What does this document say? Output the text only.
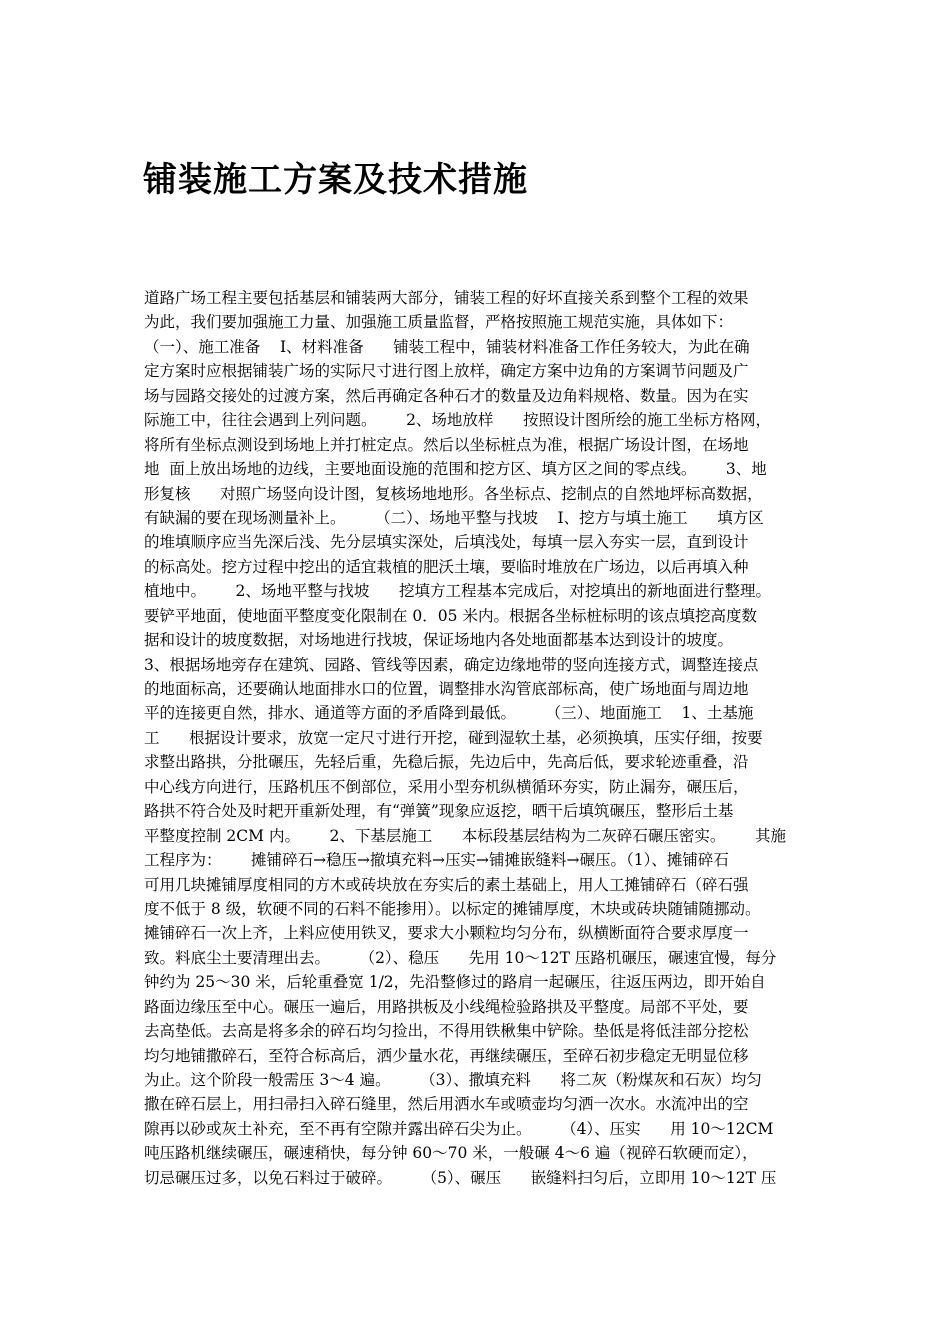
铺装施工方案及技术措施
道路广场工程主要包括基层和铺装两大部分，铺装工程的好坏直接关系到整个工程的效果
为此，我们要加强施工力量、加强施工质量监督，严格按照施工规范实施，具体如下：
（一）、施工准备    I、材料准备      铺装工程中，铺装材料准备工作任务较大，为此在确
定方案时应根据铺装广场的实际尺寸进行图上放样，确定方案中边角的方案调节问题及广
场与园路交接处的过渡方案，然后再确定各种石才的数量及边角料规格、数量。因为在实
际施工中，往往会遇到上列问题。      2、场地放样      按照设计图所绘的施工坐标方格网，
将所有坐标点测设到场地上并打桩定点。然后以坐标桩点为准，根据广场设计图，在场地
地  面上放出场地的边线，主要地面设施的范围和挖方区、填方区之间的零点线。      3、地
形复核      对照广场竖向设计图，复核场地地形。各坐标点、挖制点的自然地坪标高数据，
有缺漏的要在现场测量补上。      （二）、场地平整与找坡    I、挖方与填土施工      填方区
的堆填顺序应当先深后浅、先分层填实深处，后填浅处，每填一层入夯实一层，直到设计
的标高处。挖方过程中挖出的适宜栽植的肥沃土壤，要临时堆放在广场边，以后再填入种
植地中。      2、场地平整与找坡      挖填方工程基本完成后，对挖填出的新地面进行整理。
要铲平地面，使地面平整度变化限制在 0．05 米内。根据各坐标桩标明的该点填挖高度数
据和设计的坡度数据，对场地进行找坡，保证场地内各处地面都基本达到设计的坡度。
3、根据场地旁存在建筑、园路、管线等因素，确定边缘地带的竖向连接方式，调整连接点
的地面标高，还要确认地面排水口的位置，调整排水沟管底部标高，使广场地面与周边地
平的连接更自然，排水、通道等方面的矛盾降到最低。      （三）、地面施工    1、土基施
工      根据设计要求，放宽一定尺寸进行开挖，碰到湿软土基，必须换填，压实仔细，按要
求整出路拱，分批碾压，先轻后重，先稳后振，先边后中，先高后低，要求轮迹重叠，沿
中心线方向进行，压路机压不倒部位，采用小型夯机纵横循环夯实，防止漏夯，碾压后，
路拱不符合处及时耙开重新处理，有“弹簧”现象应返挖，晒干后填筑碾压，整形后土基
平整度控制 2CM 内。      2、下基层施工      本标段基层结构为二灰碎石碾压密实。      其施
工程序为：      摊铺碎石→稳压→撤填充料→压实→铺摊嵌缝料→碾压。（1）、摊铺碎石
可用几块摊铺厚度相同的方木或砖块放在夯实后的素土基础上，用人工摊铺碎石（碎石强
度不低于 8 级，软硬不同的石料不能掺用）。以标定的摊铺厚度，木块或砖块随铺随挪动。
摊铺碎石一次上齐，上料应使用铁叉，要求大小颗粒均匀分布，纵横断面符合要求厚度一
致。料底尘土要清理出去。      （2）、稳压      先用 10～12T 压路机碾压，碾速宜慢，每分
钟约为 25～30 米，后轮重叠宽 1/2，先沿整修过的路肩一起碾压，往返压两边，即开始自
路面边缘压至中心。碾压一遍后，用路拱板及小线绳检验路拱及平整度。局部不平处，要
去高垫低。去高是将多余的碎石均匀捡出，不得用铁楸集中铲除。垫低是将低洼部分挖松
均匀地铺撒碎石，至符合标高后，洒少量水花，再继续碾压，至碎石初步稳定无明显位移
为止。这个阶段一般需压 3～4 遍。      （3）、撒填充料      将二灰（粉煤灰和石灰）均匀
撒在碎石层上，用扫帚扫入碎石缝里，然后用洒水车或喷壶均匀洒一次水。水流冲出的空
隙再以砂或灰土补充，至不再有空隙并露出碎石尖为止。      （4）、压实      用 10～12CM
吨压路机继续碾压，碾速稍快，每分钟 60～70 米，一般碾 4～6 遍（视碎石软硬而定），
切忌碾压过多，以免石料过于破碎。      （5）、碾压      嵌缝料扫匀后，立即用 10～12T 压
